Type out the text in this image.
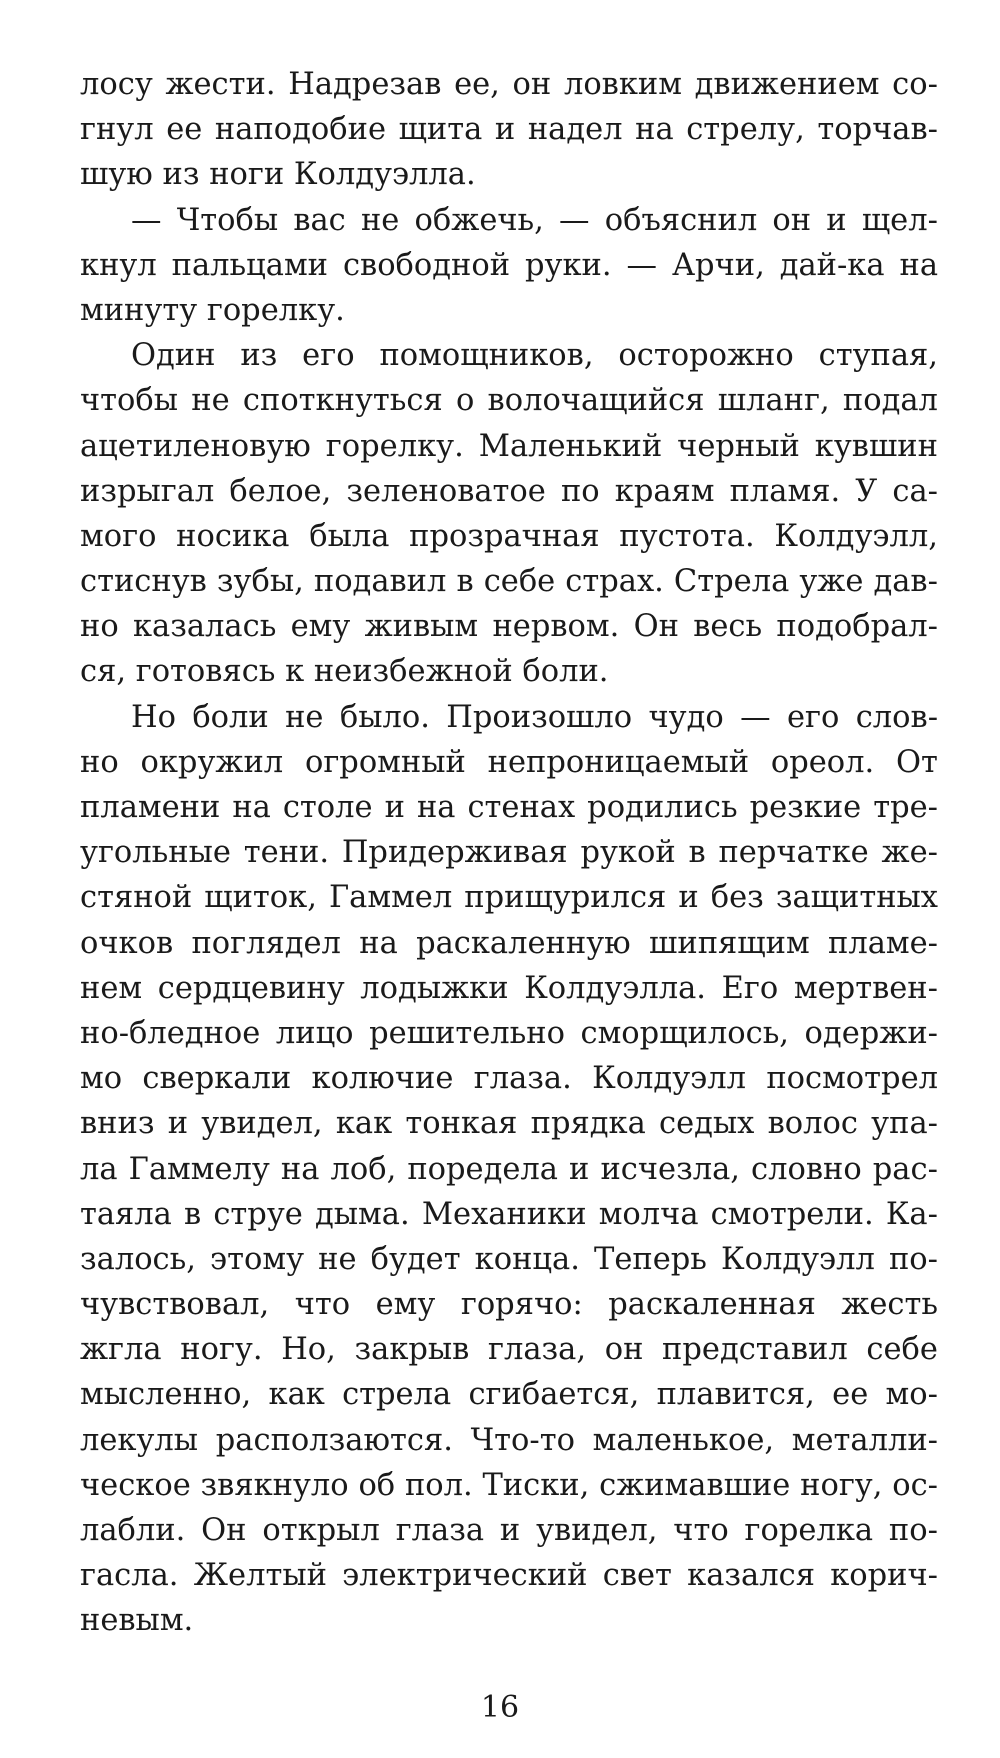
лосу жести. Надрезав ее, он ловким движением со-
гнул ее наподобие щита и надел на стрелу, торчав-
шую из ноги Колдуэлла.
— Чтобы вас не обжечь, — объяснил он и щел-
кнул пальцами свободной руки. — Арчи, дай-ка на
минуту горелку.
Один из его помощников, осторожно ступая,
чтобы не споткнуться о волочащийся шланг, подал
ацетиленовую горелку. Маленький черный кувшин
изрыгал белое, зеленоватое по краям пламя. У са-
мого носика была прозрачная пустота. Колдуэлл,
стиснув зубы, подавил в себе страх. Стрела уже дав-
но казалась ему живым нервом. Он весь подобрал-
ся, готовясь к неизбежной боли.
Но боли не было. Произошло чудо — его слов-
но окружил огромный непроницаемый ореол. От
пламени на столе и на стенах родились резкие тре-
угольные тени. Придерживая рукой в перчатке же-
стяной щиток, Гаммел прищурился и без защитных
очков поглядел на раскаленную шипящим пламе-
нем сердцевину лодыжки Колдуэлла. Его мертвен-
но-бледное лицо решительно сморщилось, одержи-
мо сверкали колючие глаза. Колдуэлл посмотрел
вниз и увидел, как тонкая прядка седых волос упа-
ла Гаммелу на лоб, поредела и исчезла, словно рас-
таяла в струе дыма. Механики молча смотрели. Ка-
залось, этому не будет конца. Теперь Колдуэлл по-
чувствовал, что ему горячо: раскаленная жесть
жгла ногу. Но, закрыв глаза, он представил себе
мысленно, как стрела сгибается, плавится, ее мо-
лекулы расползаются. Что-то маленькое, металли-
ческое звякнуло об пол. Тиски, сжимавшие ногу, ос-
лабли. Он открыл глаза и увидел, что горелка по-
гасла. Желтый электрический свет казался корич-
невым.
16
